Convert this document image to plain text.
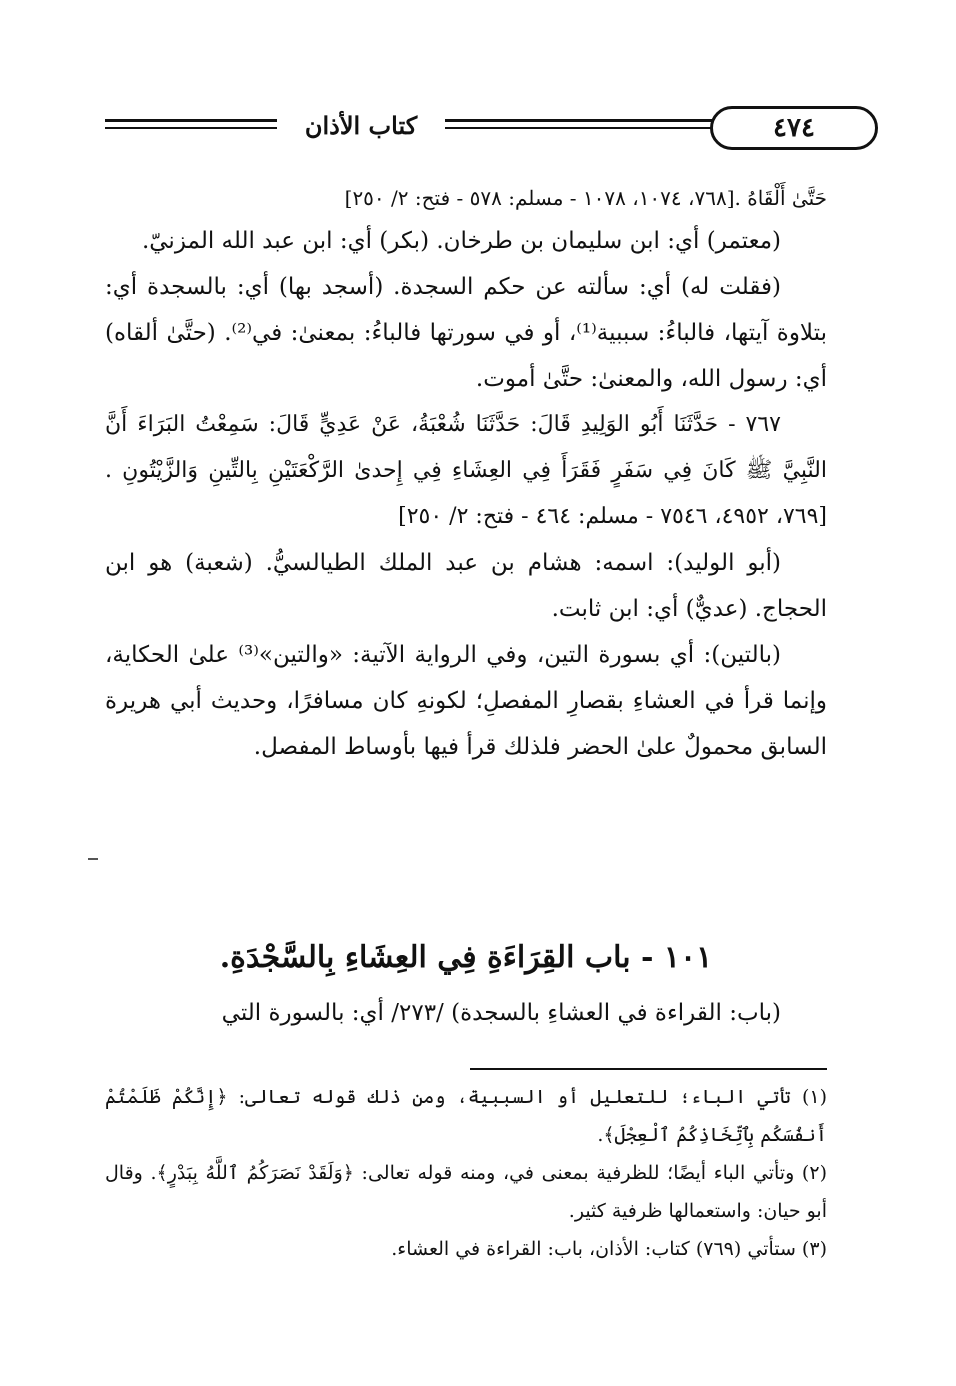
٤٧٤
كتاب الأذان

حَتَّىٰ أَلْقَاهُ .[٧٦٨، ١٠٧٤، ١٠٧٨ - مسلم: ٥٧٨ - فتح: ٢/ ٢٥٠]

(معتمر) أي: ابن سليمان بن طرخان. (بكر) أي: ابن عبد الله المزنيّ.

(فقلت له) أي: سألته عن حكم السجدة. (أسجد بها) أي: بالسجدة أي: بتلاوة آيتها، فالباءُ: سببية⁽¹⁾، أو في سورتها فالباءُ: بمعنىٰ: في⁽²⁾. (حتَّىٰ ألقاه) أي: رسول الله، والمعنىٰ: حتَّىٰ أموت.

٧٦٧ - حَدَّثَنَا أَبُو الوَلِيدِ قَالَ: حَدَّثَنَا شُعْبَةُ، عَنْ عَدِيٍّ قَالَ: سَمِعْتُ البَرَاءَ أَنَّ النَّبِيَّ ﷺ كَانَ فِي سَفَرٍ فَقَرَأَ فِي العِشَاءِ فِي إِحدىٰ الرَّكْعَتَيْنِ بِالتِّينِ وَالزَّيْتُونِ .[٧٦٩، ٤٩٥٢، ٧٥٤٦ - مسلم: ٤٦٤ - فتح: ٢/ ٢٥٠]

(أبو الوليد): اسمه: هشام بن عبد الملك الطيالسيُّ. (شعبة) هو ابن الحجاج. (عديٌّ) أي: ابن ثابت.

(بالتين): أي بسورة التين، وفي الرواية الآتية: «والتين»⁽³⁾ علىٰ الحكاية، وإنما قرأ في العشاءِ بقصارِ المفصلِ؛ لكونهِ كان مسافرًا، وحديث أبي هريرة السابق محمولٌ علىٰ الحضر فلذلك قرأ فيها بأوساط المفصل.

١٠١ - باب القِرَاءَةِ فِي العِشَاءِ بِالسَّجْدَةِ.

(باب: القراءة في العشاءِ بالسجدة) /٢٧٣/ أي: بالسورة التي

(١) تأتي الباء؛ للتعليل أو السببية، ومن ذلك قوله تعالى: ﴿إِنَّكُمْ ظَلَمْتُمْ أَنفُسَكُم بِٱتِّخَاذِكُمُ ٱلْعِجْلَ﴾.

(٢) وتأتي الباء أيضًا؛ للظرفية بمعنى في، ومنه قوله تعالى: ﴿وَلَقَدْ نَصَرَكُمُ ٱللَّهُ بِبَدْرٍ﴾. وقال أبو حيان: واستعمالها ظرفية كثير.

(٣) ستأتي (٧٦٩) كتاب: الأذان، باب: القراءة في العشاء.
